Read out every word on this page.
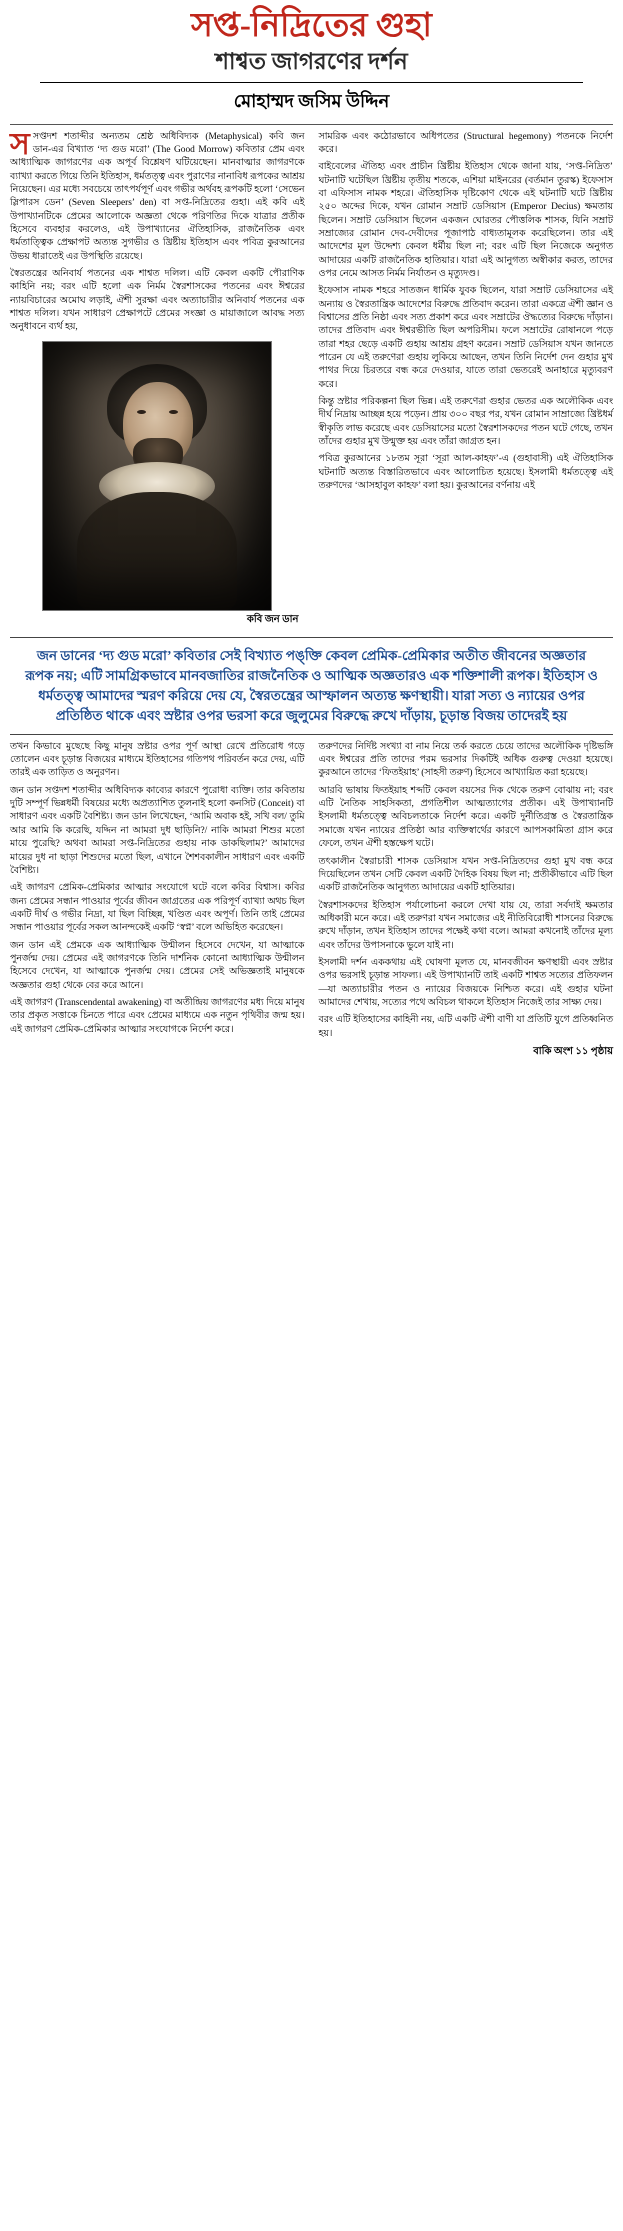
সপ্ত-নিদ্রিতের গুহা
শাশ্বত জাগরণের দর্শন
মোহাম্মদ জসিম উদ্দিন

সসপ্তদশ শতাব্দীর অন্যতম শ্রেষ্ঠ অধিবিদ্যক (Metaphysical) কবি জন ডান‑এর বিখ্যাত ‘দ্য গুড মরো’ (The Good Morrow) কবিতার প্রেম এবং আধ্যাত্মিক জাগরণের এক অপূর্ব বিশ্লেষণ ঘটিয়েছেন। মানবাত্মার জাগরণকে ব্যাখ্যা করতে গিয়ে তিনি ইতিহাস, ধর্মতত্ত্ব এবং পুরাণের নানাবিধ রূপকের আশ্রয় নিয়েছেন। এর মধ্যে সবচেয়ে তাৎপর্যপূর্ণ এবং গভীর অর্থবহ রূপকটি হলো ‘সেভেন স্লিপারস ডেন’ (Seven Sleepers’ den) বা সপ্ত-নিদ্রিতের গুহা। এই কবি এই উপাখ্যানটিকে প্রেমের আলোকে অজ্ঞতা থেকে পরিণতির দিকে যাত্রার প্রতীক হিসেবে ব্যবহার করলেও, এই উপাখ্যানের ঐতিহাসিক, রাজনৈতিক এবং ধর্মতাত্ত্বিক প্রেক্ষাপট অত্যন্ত সুগভীর ও খ্রিষ্টীয় ইতিহাস এবং পবিত্র কুরআনের উভয় ধারাতেই এর উপস্থিতি রয়েছে।

স্বৈরতন্ত্রের অনিবার্য পতনের এক শাশ্বত দলিল। এটি কেবল একটি পৌরাণিক কাহিনি নয়; বরং এটি হলো এক নির্মম স্বৈরশাসকের পতনের এবং ঈশ্বরের ন্যায়বিচারের অমোঘ লড়াই, ঐশী সুরক্ষা এবং অত্যাচারীর অনিবার্য পতনের এক শাশ্বত দলিল। যখন সাধারণ প্রেক্ষাপটে প্রেমের সংজ্ঞা ও মায়াজালে আবদ্ধ সত্য অনুধাবনে ব্যর্থ হয়,

কবি জন ডান

সামরিক এবং কঠোরভাবে অধিপতের (Structural hegemony) পতনকে নির্দেশ করে।

বাইবেলের ঐতিহ্য এবং প্রাচীন খ্রিষ্টীয় ইতিহাস থেকে জানা যায়, ‘সপ্ত-নিদ্রিত’ ঘটনাটি ঘটেছিল খ্রিষ্টীয় তৃতীয় শতকে, এশিয়া মাইনরের (বর্তমান তুরস্ক) ইফেসাস বা এফিসাস নামক শহরে। ঐতিহাসিক দৃষ্টিকোণ থেকে এই ঘটনাটি ঘটে খ্রিষ্টীয় ২৫০ অব্দের দিকে, যখন রোমান সম্রাট ডেসিয়াস (Emperor Decius) ক্ষমতায় ছিলেন। সম্রাট ডেসিয়াস ছিলেন একজন ঘোরতর পৌত্তলিক শাসক, যিনি সম্রাট সম্রাজ্যের রোমান দেব-দেবীদের পূজাপাঠ বাধ্যতামূলক করেছিলেন। তার এই আদেশের মূল উদ্দেশ্য কেবল ধর্মীয় ছিল না; বরং এটি ছিল নিজেকে অনুগত আদায়ের একটি রাজনৈতিক হাতিয়ার। যারা এই আনুগত্য অস্বীকার করত, তাদের ওপর নেমে আসত নির্মম নির্যাতন ও মৃত্যুদণ্ড।

ইফেসাস নামক শহরে সাতজন ধার্মিক যুবক ছিলেন, যারা সম্রাট ডেসিয়াসের এই অন্যায় ও স্বৈরতান্ত্রিক আদেশের বিরুদ্ধে প্রতিবাদ করেন। তারা একত্রে ঐশী জ্ঞান ও বিশ্বাসের প্রতি নিষ্ঠা এবং সত্য প্রকাশ করে এবং সম্রাটের ঔদ্ধত্যের বিরুদ্ধে দাঁড়ান। তাদের প্রতিবাদ এবং ঈশ্বরভীতি ছিল অপরিসীম। ফলে সম্রাটের রোষানলে পড়ে তারা শহর ছেড়ে একটি গুহায় আশ্রয় গ্রহণ করেন। সম্রাট ডেসিয়াস যখন জানতে পারেন যে এই তরুণেরা গুহায় লুকিয়ে আছেন, তখন তিনি নির্দেশ দেন গুহার মুখ পাথর দিয়ে চিরতরে বন্ধ করে দেওয়ার, যাতে তারা ভেতরেই অনাহারে মৃত্যুবরণ করে।

কিন্তু স্রষ্টার পরিকল্পনা ছিল ভিন্ন। এই তরুণেরা গুহার ভেতর এক অলৌকিক এবং দীর্ঘ নিদ্রায় আচ্ছন্ন হয়ে পড়েন। প্রায় ৩০০ বছর পর, যখন রোমান সাম্রাজ্যে খ্রিষ্টধর্ম স্বীকৃতি লাভ করেছে এবং ডেসিয়াসের মতো স্বৈরশাসকদের পতন ঘটে গেছে, তখন তাঁদের গুহার মুখ উন্মুক্ত হয় এবং তাঁরা জাগ্রত হন।

পবিত্র কুরআনের ১৮তম সূরা ‘সূরা আল-কাহফ’-এ (গুহাবাসী) এই ঐতিহাসিক ঘটনাটি অত্যন্ত বিস্তারিতভাবে এবং আলোচিত হয়েছে। ইসলামী ধর্মতত্ত্বে এই তরুণদের ‘আসহাবুল কাহফ’ বলা হয়। কুরআনের বর্ণনায় এই

জন ডানের ‘দ্য গুড মরো’ কবিতার সেই বিখ্যাত পঙ্‌ক্তি কেবল প্রেমিক-প্রেমিকার অতীত জীবনের অজ্ঞতার রূপক নয়; এটি সামগ্রিকভাবে মানবজাতির রাজনৈতিক ও আত্মিক অজ্ঞতারও এক শক্তিশালী রূপক। ইতিহাস ও ধর্মতত্ত্ব আমাদের স্মরণ করিয়ে দেয় যে, স্বৈরতন্ত্রের আস্ফালন অত্যন্ত ক্ষণস্থায়ী। যারা সত্য ও ন্যায়ের ওপর প্রতিষ্ঠিত থাকে এবং স্রষ্টার ওপর ভরসা করে জুলুমের বিরুদ্ধে রুখে দাঁড়ায়, চূড়ান্ত বিজয় তাদেরই হয়

তখন কিভাবে মুছেছে কিছু মানুষ স্রষ্টার ওপর পূর্ণ আস্থা রেখে প্রতিরোধ গড়ে তোলেন এবং চূড়ান্ত বিজয়ের মাধ্যমে ইতিহাসের গতিপথ পরিবর্তন করে দেয়, এটি তারই এক তাড়িত ও অনুরণন।

জন ডান সপ্তদশ শতাব্দীর অধিবিদ্যক কাব্যের কারণে পুরোধা ব্যক্তি। তার কবিতায় দুটি সম্পূর্ণ ভিন্নধর্মী বিষয়ের মধ্যে অপ্রত্যাশিত তুলনাই হলো কনসিট (Conceit) বা সাধারণ এবং একটি বৈশিষ্ট্য। জন ডান লিখেছেন, ‘আমি অবাক হই, সখি বল/ তুমি আর আমি কি করেছি, যদ্দিন না আমরা দুধ ছাড়িনি?/ নাকি আমরা শিশুর মতো মায়ে পুরেছি? অথবা আমরা সপ্ত-নিদ্রিতের গুহায় নাক ডাকছিলাম?’ আমাদের মায়ের দুধ না ছাড়া শিশুদের মতো ছিল, এখানে শৈশবকালীন সাধারণ এবং একটি বৈশিষ্ট্য।

এই জাগরণ প্রেমিক-প্রেমিকার আত্মার সংযোগে ঘটে বলে কবির বিশ্বাস। কবির জন্য প্রেমের সন্ধান পাওয়ার পূর্বের জীবন জাগ্রতের এক পরিপূর্ণ ব্যাখ্যা অথচ ছিল একটি দীর্ঘ ও গভীর নিদ্রা, যা ছিল বিচ্ছিন্ন, খণ্ডিত এবং অপূর্ণ। তিনি তাই প্রেমের সন্ধান পাওয়ার পূর্বের সকল আনন্দকেই একটি ‘স্বপ্ন’ বলে অভিহিত করেছেন।

জন ডান এই প্রেমকে এক আধ্যাত্মিক উন্মীলন হিসেবে দেখেন, যা আত্মাকে পুনর্জন্ম দেয়। প্রেমের এই জাগরণকে তিনি দার্শনিক কোনো আধ্যাত্মিক উন্মীলন হিসেবে দেখেন, যা আত্মাকে পুনর্জন্ম দেয়। প্রেমের সেই অভিজ্ঞতাই মানুষকে অজ্ঞতার গুহা থেকে বের করে আনে।

এই জাগরণ (Transcendental awakening) বা অতীন্দ্রিয় জাগরণের মধ্য দিয়ে মানুষ তার প্রকৃত সত্তাকে চিনতে পারে এবং প্রেমের মাধ্যমে এক নতুন পৃথিবীর জন্ম হয়। এই জাগরণ প্রেমিক-প্রেমিকার আত্মার সংযোগকে নির্দেশ করে।

তরুণদের নির্দিষ্ট সংখ্যা বা নাম নিয়ে তর্ক করতে চেয়ে তাদের অলৌকিক দৃষ্টিভঙ্গি এবং ঈশ্বরের প্রতি তাদের পরম ভরসার দিকটিই অধিক গুরুত্ব দেওয়া হয়েছে। কুরআনে তাদের ‘ফিতইয়াহ’ (সাহসী তরুণ) হিসেবে আখ্যায়িত করা হয়েছে।

আরবি ভাষায় ফিতইয়াহ শব্দটি কেবল বয়সের দিক থেকে তরুণ বোঝায় না; বরং এটি নৈতিক সাহসিকতা, প্রগতিশীল আত্মত্যাগের প্রতীক। এই উপাখ্যানটি ইসলামী ধর্মতত্ত্বে অবিচলতাকে নির্দেশ করে। একটি দুর্নীতিগ্রস্ত ও স্বৈরতান্ত্রিক সমাজে যখন ন্যায়ের প্রতিষ্ঠা আর ব্যক্তিস্বার্থের কারণে আপসকামিতা গ্রাস করে ফেলে, তখন ঐশী হস্তক্ষেপ ঘটে।

তৎকালীন স্বৈরাচারী শাসক ডেসিয়াস যখন সপ্ত-নিদ্রিতদের গুহা মুখ বন্ধ করে দিয়েছিলেন তখন সেটি কেবল একটি দৈহিক বিষয় ছিল না; প্রতীকীভাবে এটি ছিল একটি রাজনৈতিক আনুগত্য আদায়ের একটি হাতিয়ার।

স্বৈরশাসকদের ইতিহাস পর্যালোচনা করলে দেখা যায় যে, তারা সর্বদাই ক্ষমতার অধিকারী মনে করে। এই তরুণরা যখন সমাজের এই নীতিবিরোধী শাসনের বিরুদ্ধে রুখে দাঁড়ান, তখন ইতিহাস তাদের পক্ষেই কথা বলে। আমরা কখনোই তাঁদের মূল্য এবং তাঁদের উপাসনাকে ভুলে যাই না।

ইসলামী দর্শন এককথায় এই ঘোষণা মূলত যে, মানবজীবন ক্ষণস্থায়ী এবং স্রষ্টার ওপর ভরসাই চূড়ান্ত সাফল্য। এই উপাখ্যানটি তাই একটি শাশ্বত সত্যের প্রতিফলন—যা অত্যাচারীর পতন ও ন্যায়ের বিজয়কে নিশ্চিত করে। এই গুহার ঘটনা আমাদের শেখায়, সত্যের পথে অবিচল থাকলে ইতিহাস নিজেই তার সাক্ষ্য দেয়।

বরং এটি ইতিহাসের কাহিনী নয়, এটি একটি ঐশী বাণী যা প্রতিটি যুগে প্রতিধ্বনিত হয়।

বাকি অংশ ১১ পৃষ্ঠায়
